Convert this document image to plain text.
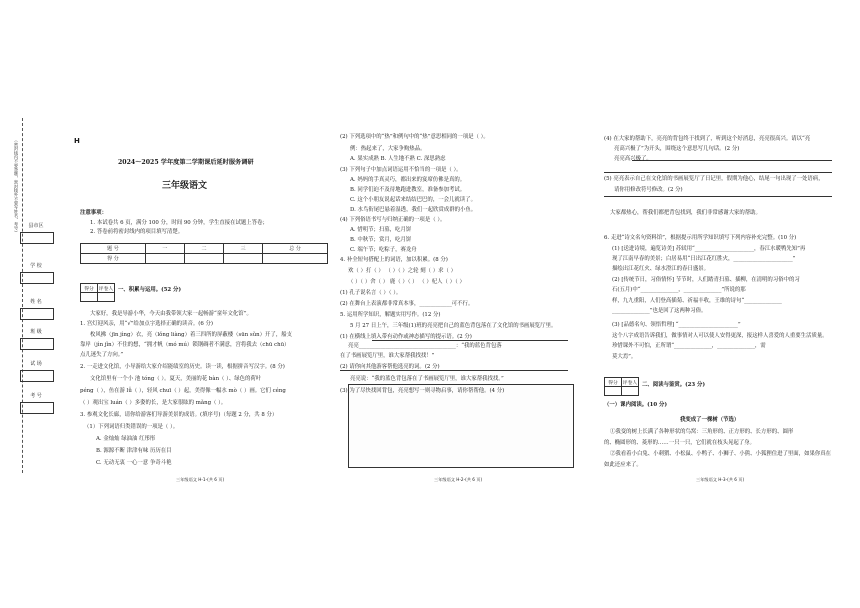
（密封线内不要答题，密封线外不要写姓名、考号）	县市区
学 校
姓 名
班 级
试 场
考 号
H
2024～2025 学年度第二学期课后延时服务调研
三年级语文
注意事项：
1. 本试卷共 6 页，满分 100 分，时间 90 分钟，学生直接在试题上答卷；
2. 答卷前将密封线内的项目填写清楚。
题 号	一	二	三	总 分
得 分				
得分	评卷人
	一、积累与运用。(52 分)
大家好，我是导游小华，今天由我带领大家一起畅游“童年文化馆”。
1. 宫灯迎风亲，用“√”给加点字选择正确的读音。(6 分)
枚风拂（jīn jìng）衣，亮（lǒng liàng）着三四所的屏蔽楼（sūn sǔn）开了，船支
靠岸（jìn jǐn）不住的想，“拥才帆（mó mú）锁钢碉者不满意，宫将我去（chū chū）
点儿迷失了方向。”
2. 一走进文化馆，小导游给大家介绍能绩室的历史。读一读，根据拼音写汉字。(8 分)
文化馆里有一个小 池 tóng（ ）。夏天，美丽的花 bàn（ ）、绿色的荷叶
péng（ ），鱼在游 lǚ（ ），轻风 chuī（ ）起，美得像一幅水 mò（ ）画。它们 céng
（ ）观出宝 luán（ ）多姿的长，是大家很眩的 mǎng（ ）。
3. 参观文化长廊，请你给游客们导游美景的成语。(填序号)（每题 2 分，共 8 分）
（1）下列词语归类错误的一项是（ ）。
A. 金灿灿 绿油油 红彤彤
B. 源源不断 津津有味 历历在目
C. 无动无衷 一心一意 争奇斗艳
三年级语文 H-1-(共 6 页)	三年级语文 H-2-(共 6 页)
得分	评卷人
	二、阅读与鉴赏。(23 分)
（一）课内阅读。(10 分)
我变成了一棵树（节选）
①我变的树上长满了各种形状的鸟窝：三角形的、正方形的、长方形的、圆形
的、椭圆形的、菱形的……一只一只，它们就在枝头晃起了身。
②我看着小白兔、小刺猬、小松鼠、小鸭子、小狮子、小熊、小狐狸住进了里面，如果你真在
如此还应来了。
三年级语文 H-3-(共 6 页)
(2) 下列选项中的“热”和例句中的“热”意思相同的一项是（ ）。
例：热起来了，大家争购热品。
A. 果实成熟 B. 人生地不熟 C. 深思熟虑
(3) 下列句子中加点词语运用不恰当的一项是（ ）。
A. 妈妈的手真灵巧，都出来的宴席仿佛是真的。
B. 同学们迫不及待地跑进教室，准备参加考试。
C. 这个小朋友说起话来结结巴巴的，一会儿就读了。
D. 水鸟衔尾巴悬着湿透，我们一起欣赏成群的小鱼。
(4) 下列俗语书写与归纳正确的一项是（ ）。
A. 惜明节；扫墓，吃月饼
B. 中秋节；赏月，吃月饼
C. 端午节；吃粽子，赛龙舟
4. 补全短句搭配上的词语，加以积累。(8 分)
欢（ ）打（ ） （ ）（ ）之轮 刻（ ）求（ ）
（ ）（ ）舍（ ） 鹿（ ）（ ） （ ）杞人（ ）（ ）
(1) 孔子说名言（ ）（ ）。
(2) 在舞台上表演都非常真本事，____________可不行。
5. 运用所学知识，解题实用写作。(12 分)
5 月 27 日上午，三年级(1)班的亮亮把自己的蓝色背包落在了文化馆的书画展览厅里。
(1) 在横线上填入带有动作或神态描写的提示语。(2 分)
亮亮____________________________________：“我的蓝色背包落
在了书画展览厅里，谁大家帮我找找！”
(2) 请你向其他游客帮他选亮的词。(2 分)
亮亮说：“我的蓝色背包落在了书画展览厅里，谁大家帮我找找。”
(3) 为了尽快找回背包，亮亮想写一则寻物启事，请你帮帮他。(4 分)
(4) 在大家的帮助下，亮亮的背包终于找到了，听到这个好消息，亮亮很高兴。请以“亮
亮高兴极了”为开头，围绕这个意思写几句话。(2 分)
亮亮高兴极了。
(5) 亮亮表示自己在文化馆的书画展览厅了日记里，假期为他心，结尾一句出现了一处语病，
请你用修改符号修改。(2 分)
大家都热心，帮我们都把背包找到，我们非常感谢大家的帮助。
6. 走进“诗文名句资料馆”，根据提示用所学知识填写下列内容补充完整。(10 分)
(1) [送进诗境，遍览诗美] 苏轼用“______________________，春江水暖鸭先知”再
现了江南早春的美景；白居易用“日出江花红胜火，______________________”
描绘出江花红火、绿水澄江的春日盛景。
(2) [传统节日，习俗情怀] 节节时，人们踏青扫墓、插柳，在清明的习俗中的习
石(五月)中“______________，______________”所说的那
样，九九重阳，人们登高插菊、祈福丰收，王维的诗句“______________
______________”也是回了这两种习俗。
(3) [品德名句、领悟哲理] “______________________”
这个八字成语告诉我们，做事情对人可以使人安得更深，报这样人喜爱的人重要生活质量。
珍惜课外不可怕，正所谓“______________，______________，需
莫大焉”。
